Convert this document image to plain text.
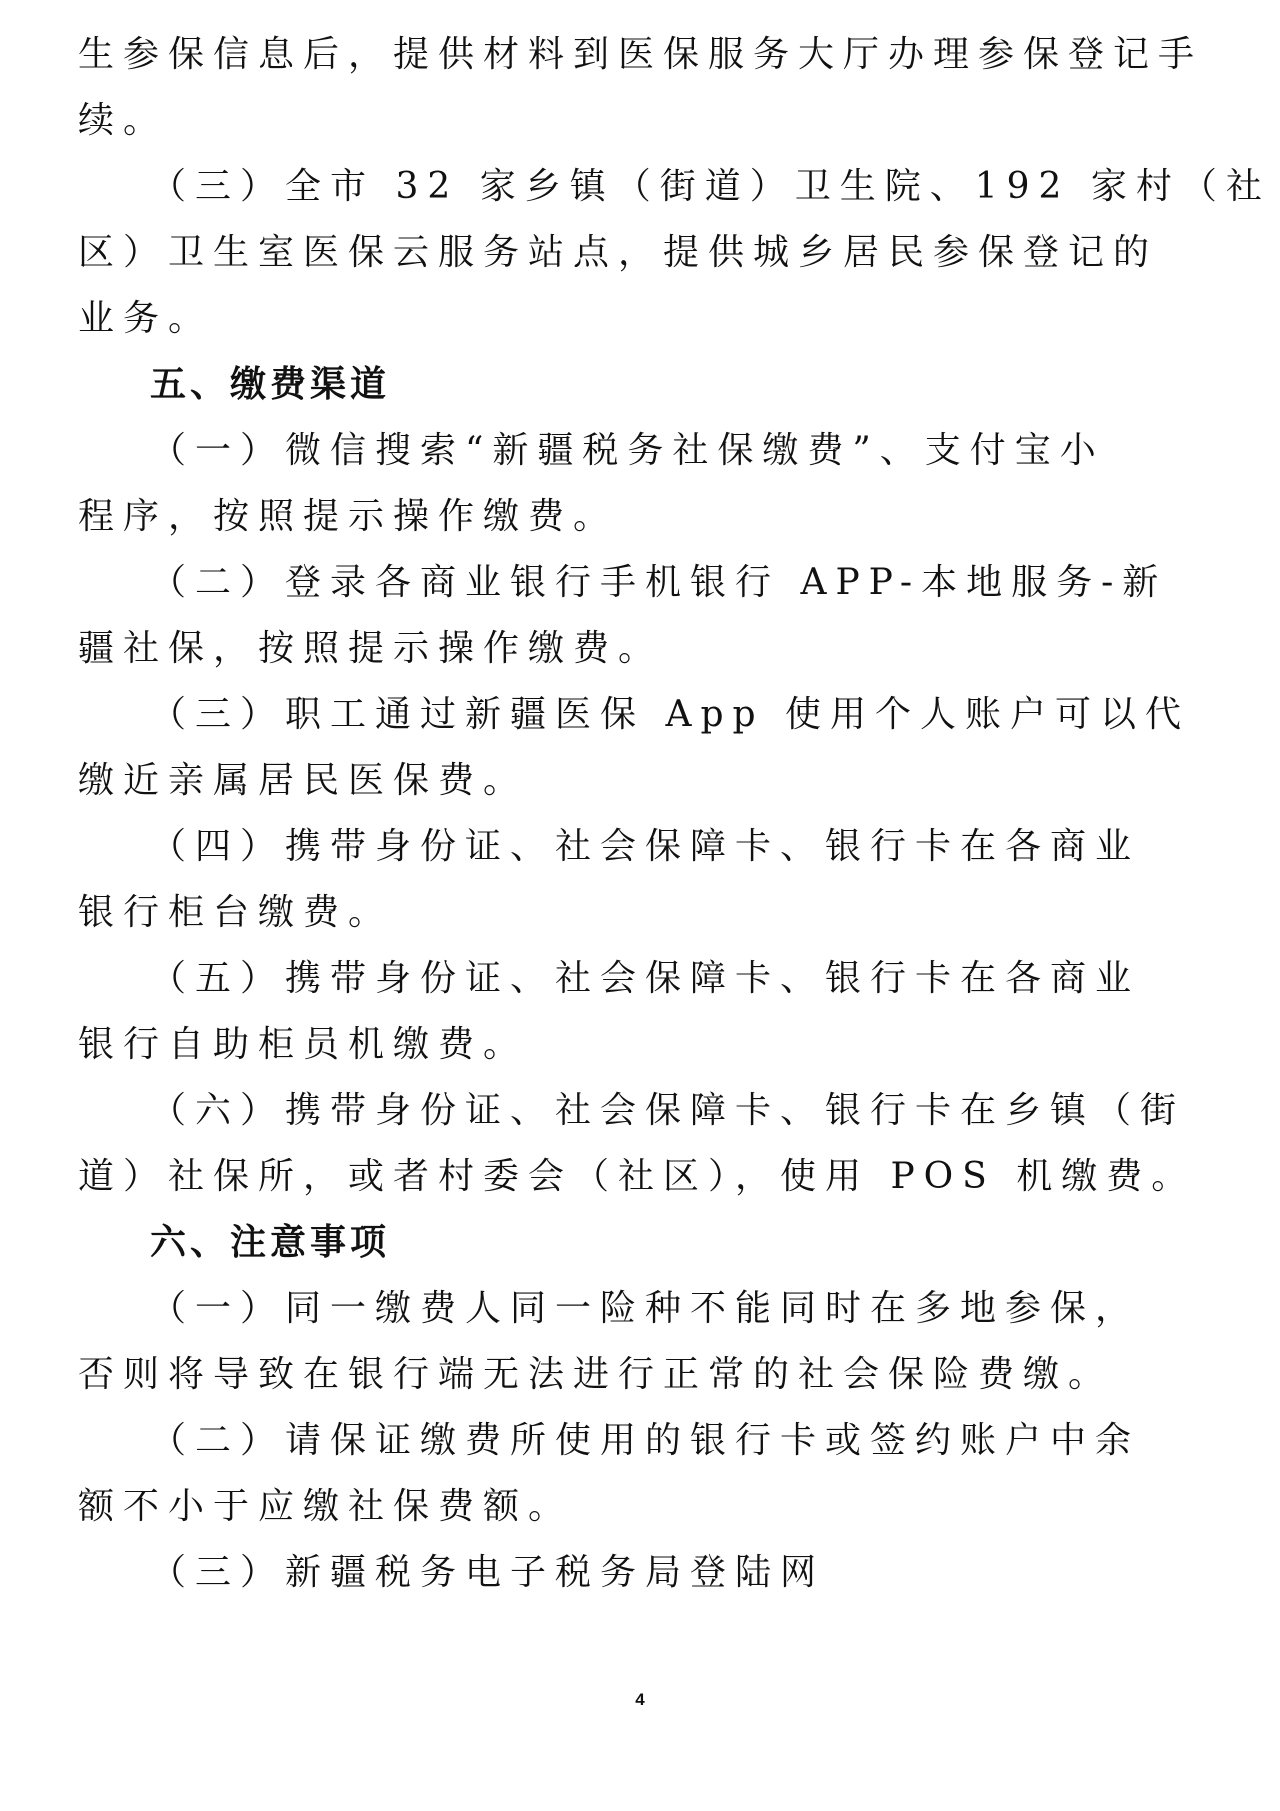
生参保信息后，提供材料到医保服务大厅办理参保登记手

续。

（三）全市 32 家乡镇（街道）卫生院、192 家村（社

区）卫生室医保云服务站点，提供城乡居民参保登记的

业务。

五、缴费渠道

（一）微信搜索“新疆税务社保缴费”、支付宝小

程序，按照提示操作缴费。

（二）登录各商业银行手机银行 APP-本地服务-新

疆社保，按照提示操作缴费。

（三）职工通过新疆医保 App 使用个人账户可以代

缴近亲属居民医保费。

（四）携带身份证、社会保障卡、银行卡在各商业

银行柜台缴费。

（五）携带身份证、社会保障卡、银行卡在各商业

银行自助柜员机缴费。

（六）携带身份证、社会保障卡、银行卡在乡镇（街

道）社保所，或者村委会（社区），使用 POS 机缴费。

六、注意事项

（一）同一缴费人同一险种不能同时在多地参保，

否则将导致在银行端无法进行正常的社会保险费缴。

（二）请保证缴费所使用的银行卡或签约账户中余

额不小于应缴社保费额。

（三）新疆税务电子税务局登陆网

4
